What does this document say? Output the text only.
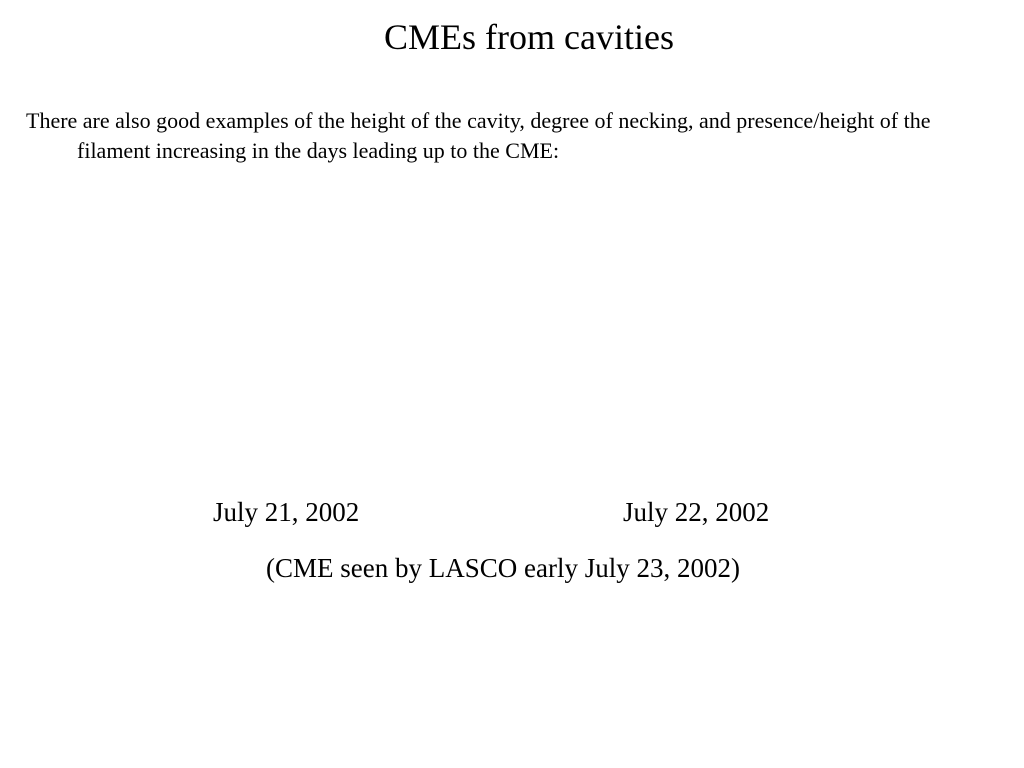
CMEs from cavities
There are also good examples of the height of the cavity, degree of necking, and presence/height of the filament increasing in the days leading up to the CME:
July 21, 2002	July 22, 2002
(CME seen by LASCO early July 23, 2002)
